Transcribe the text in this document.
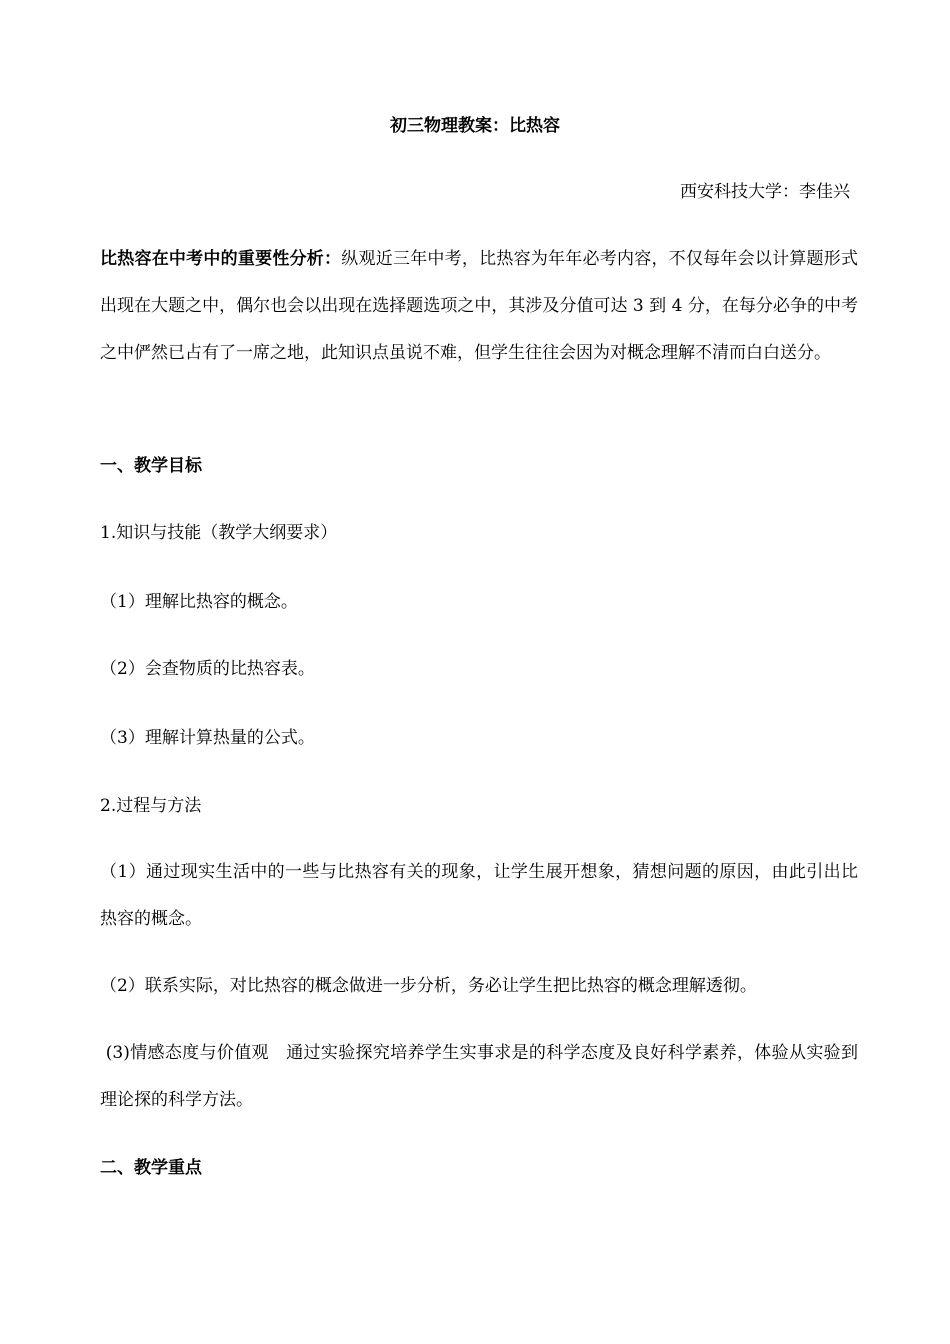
初三物理教案：比热容
西安科技大学：李佳兴

比热容在中考中的重要性分析：纵观近三年中考，比热容为年年必考内容，不仅每年会以计算题形式出现在大题之中，偶尔也会以出现在选择题选项之中，其涉及分值可达 3 到 4 分，在每分必争的中考之中俨然已占有了一席之地，此知识点虽说不难，但学生往往会因为对概念理解不清而白白送分。

一、教学目标

1.知识与技能（教学大纲要求）

（1）理解比热容的概念。

（2）会查物质的比热容表。

（3）理解计算热量的公式。

2.过程与方法

（1）通过现实生活中的一些与比热容有关的现象，让学生展开想象，猜想问题的原因，由此引出比热容的概念。

（2）联系实际，对比热容的概念做进一步分析，务必让学生把比热容的概念理解透彻。

(3)情感态度与价值观　通过实验探究培养学生实事求是的科学态度及良好科学素养，体验从实验到理论探的科学方法。

二、教学重点
